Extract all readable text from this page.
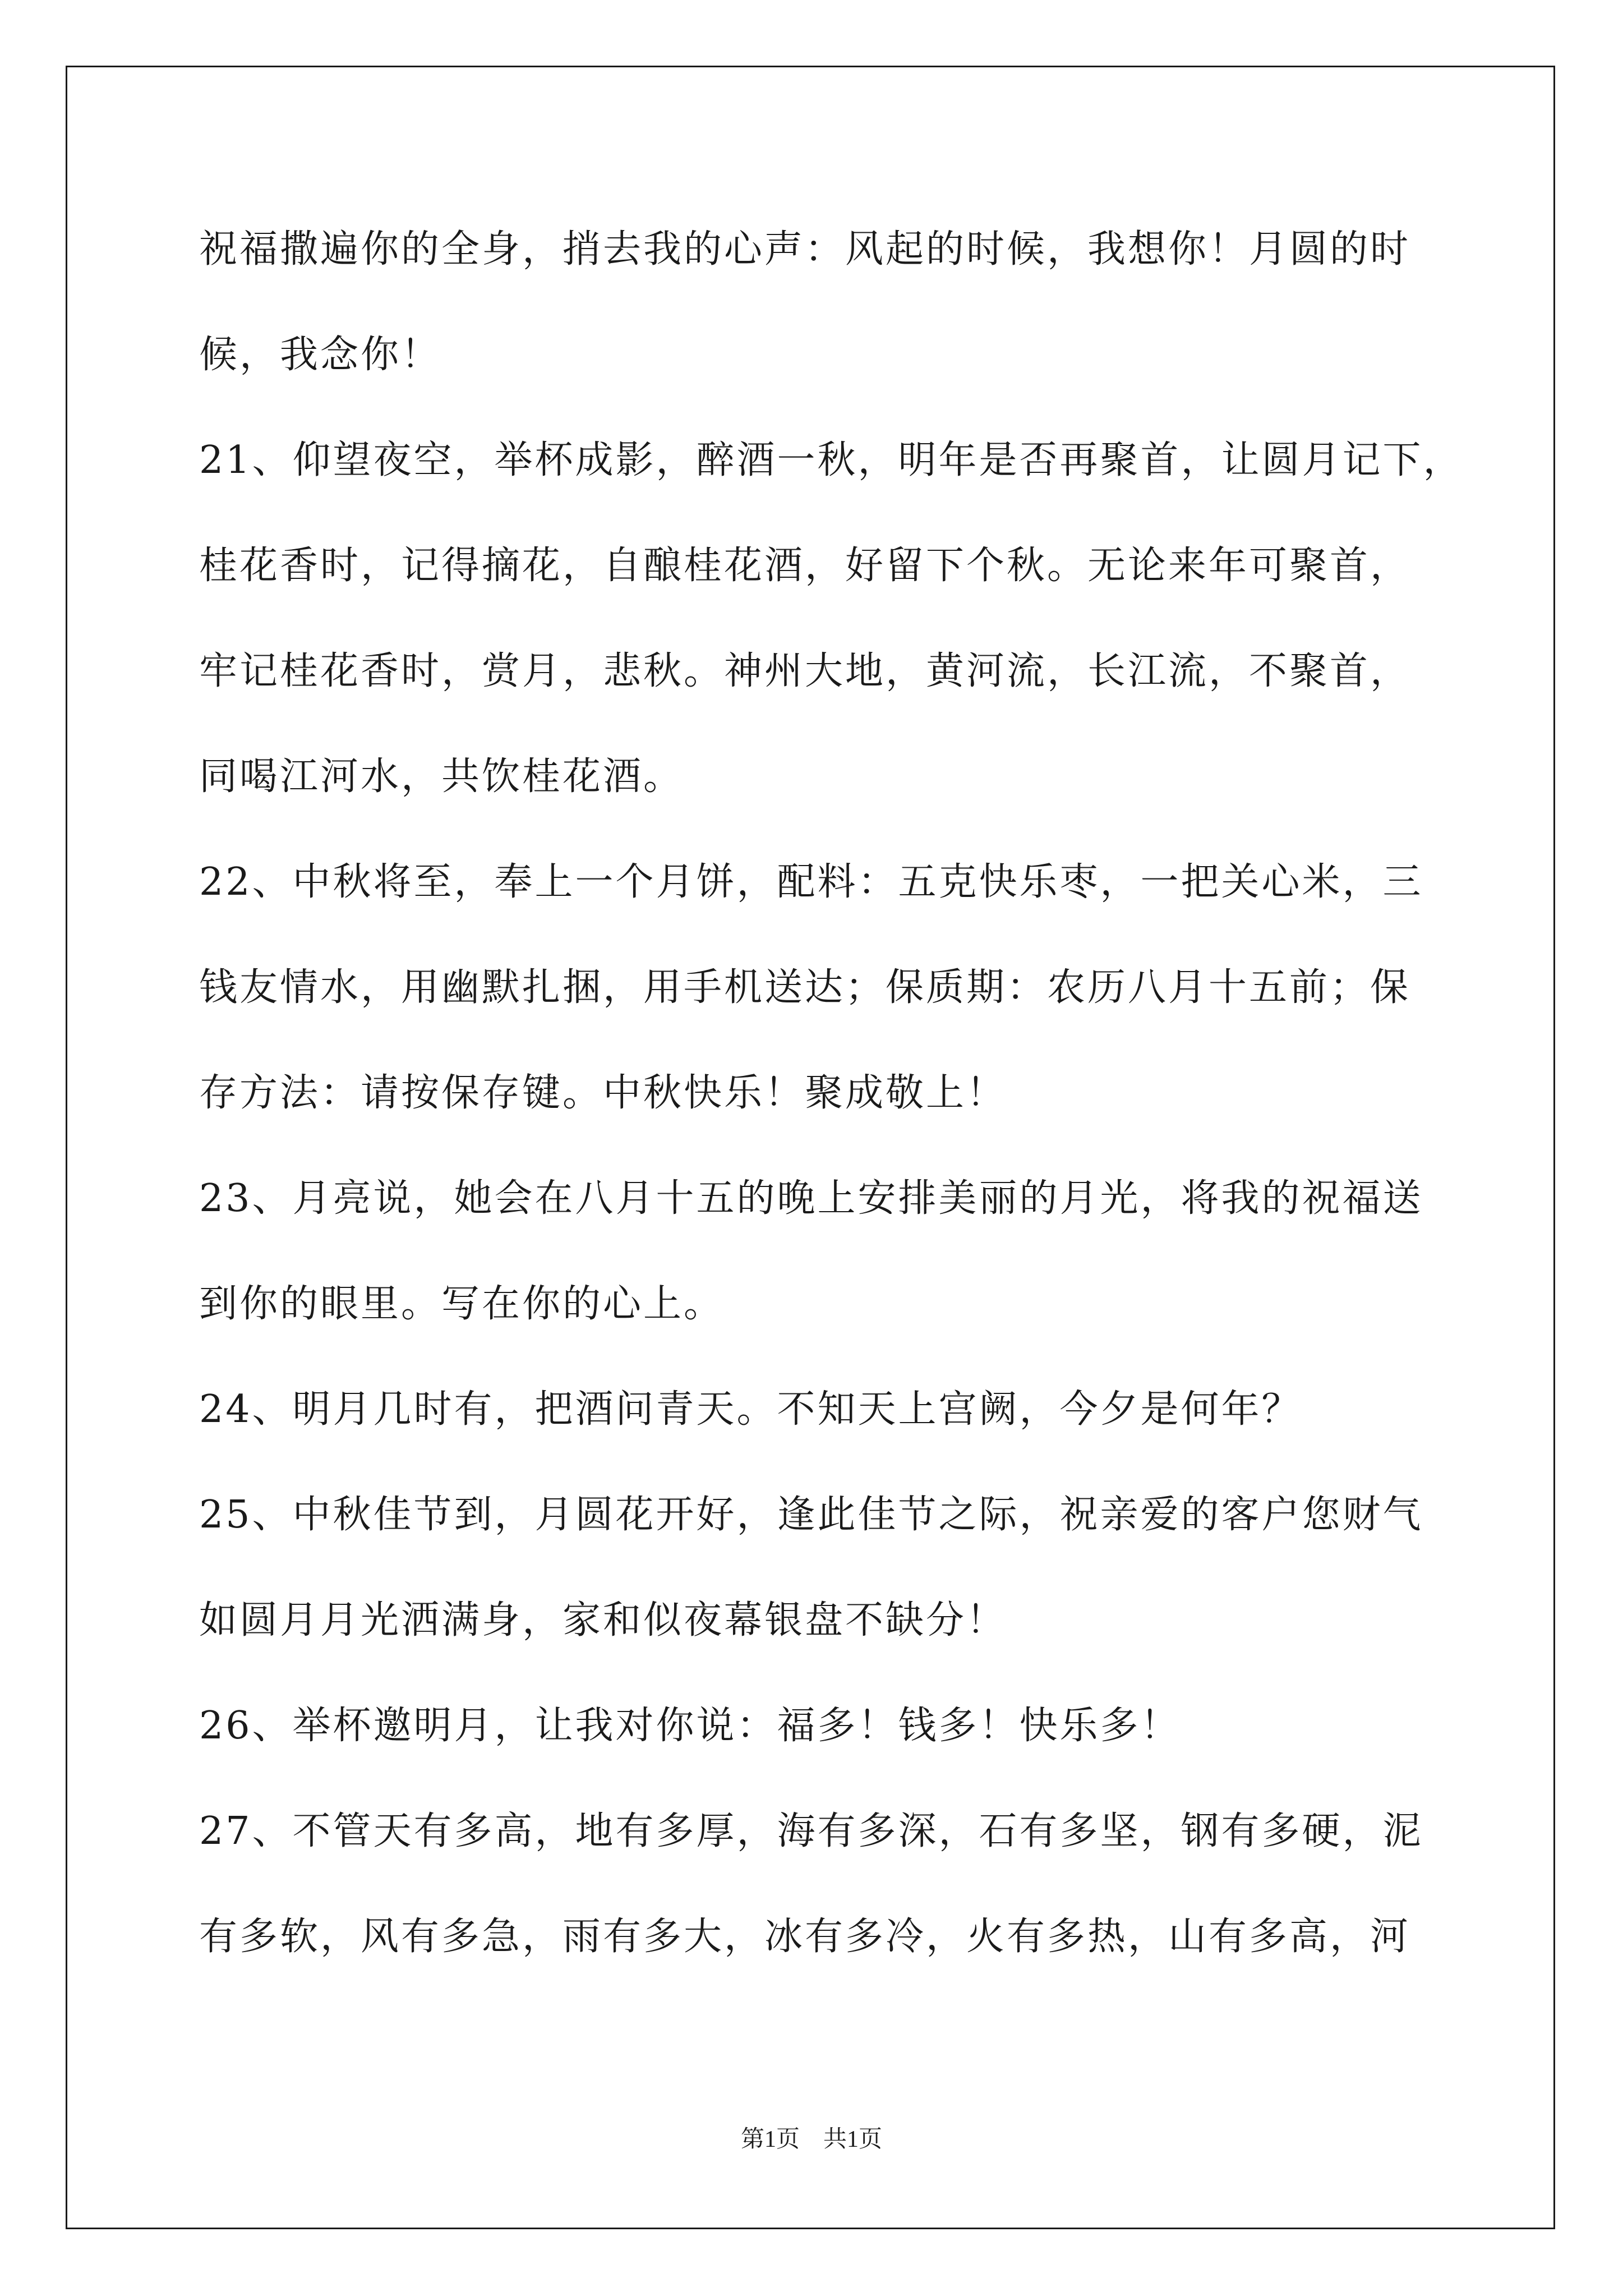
祝福撒遍你的全身，捎去我的心声：风起的时候，我想你！月圆的时
候，我念你！
21、仰望夜空，举杯成影，醉酒一秋，明年是否再聚首，让圆月记下，
桂花香时，记得摘花，自酿桂花酒，好留下个秋。无论来年可聚首，
牢记桂花香时，赏月，悲秋。神州大地，黄河流，长江流，不聚首，
同喝江河水，共饮桂花酒。
22、中秋将至，奉上一个月饼，配料：五克快乐枣，一把关心米，三
钱友情水，用幽默扎捆，用手机送达；保质期：农历八月十五前；保
存方法：请按保存键。中秋快乐！聚成敬上！
23、月亮说，她会在八月十五的晚上安排美丽的月光，将我的祝福送
到你的眼里。写在你的心上。
24、明月几时有，把酒问青天。不知天上宫阙，今夕是何年？
25、中秋佳节到，月圆花开好，逢此佳节之际，祝亲爱的客户您财气
如圆月月光洒满身，家和似夜幕银盘不缺分！
26、举杯邀明月，让我对你说：福多！钱多！快乐多！
27、不管天有多高，地有多厚，海有多深，石有多坚，钢有多硬，泥
有多软，风有多急，雨有多大，冰有多冷，火有多热，山有多高，河
第1页　共1页
